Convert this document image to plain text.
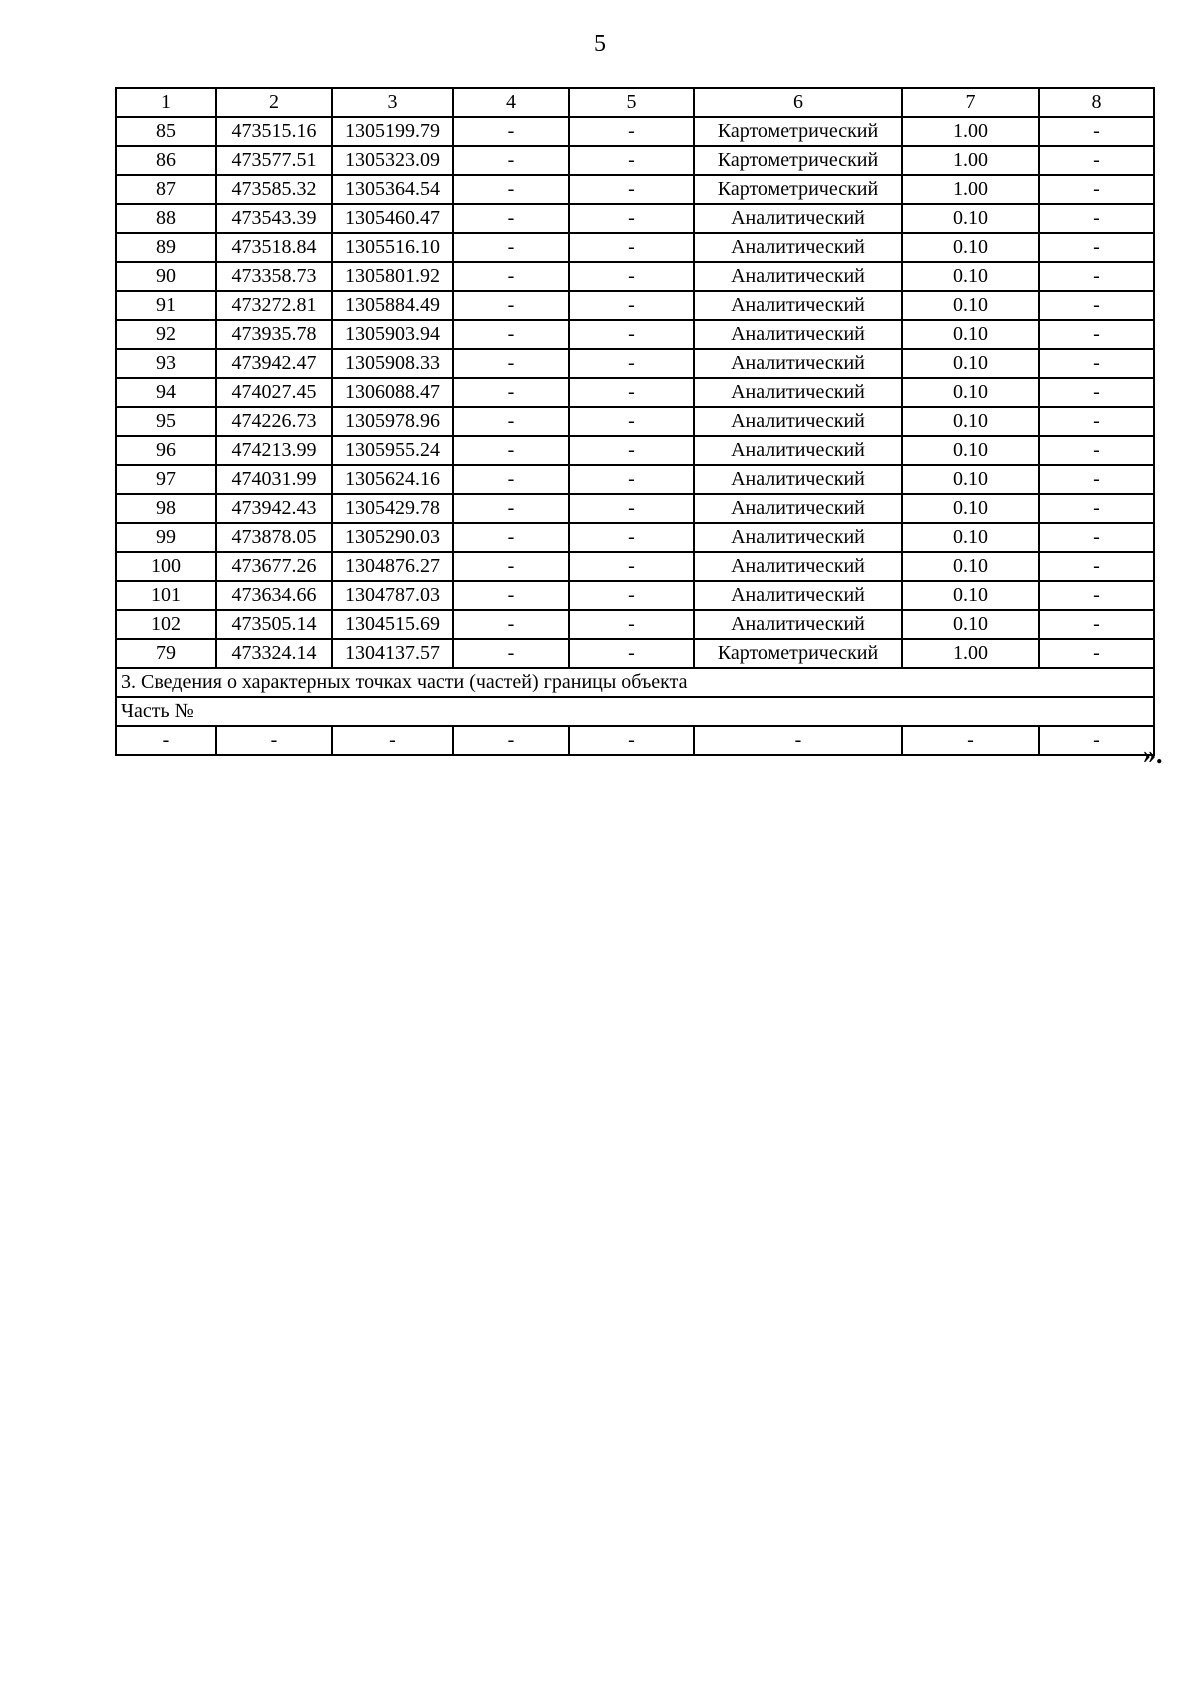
5
1	2	3	4	5	6	7	8
85	473515.16	1305199.79	-	-	Картометрический	1.00	-
86	473577.51	1305323.09	-	-	Картометрический	1.00	-
87	473585.32	1305364.54	-	-	Картометрический	1.00	-
88	473543.39	1305460.47	-	-	Аналитический	0.10	-
89	473518.84	1305516.10	-	-	Аналитический	0.10	-
90	473358.73	1305801.92	-	-	Аналитический	0.10	-
91	473272.81	1305884.49	-	-	Аналитический	0.10	-
92	473935.78	1305903.94	-	-	Аналитический	0.10	-
93	473942.47	1305908.33	-	-	Аналитический	0.10	-
94	474027.45	1306088.47	-	-	Аналитический	0.10	-
95	474226.73	1305978.96	-	-	Аналитический	0.10	-
96	474213.99	1305955.24	-	-	Аналитический	0.10	-
97	474031.99	1305624.16	-	-	Аналитический	0.10	-
98	473942.43	1305429.78	-	-	Аналитический	0.10	-
99	473878.05	1305290.03	-	-	Аналитический	0.10	-
100	473677.26	1304876.27	-	-	Аналитический	0.10	-
101	473634.66	1304787.03	-	-	Аналитический	0.10	-
102	473505.14	1304515.69	-	-	Аналитический	0.10	-
79	473324.14	1304137.57	-	-	Картометрический	1.00	-
3. Сведения о характерных точках части (частей) границы объекта							
Часть №							
-	-	-	-	-	-	-	- ».
